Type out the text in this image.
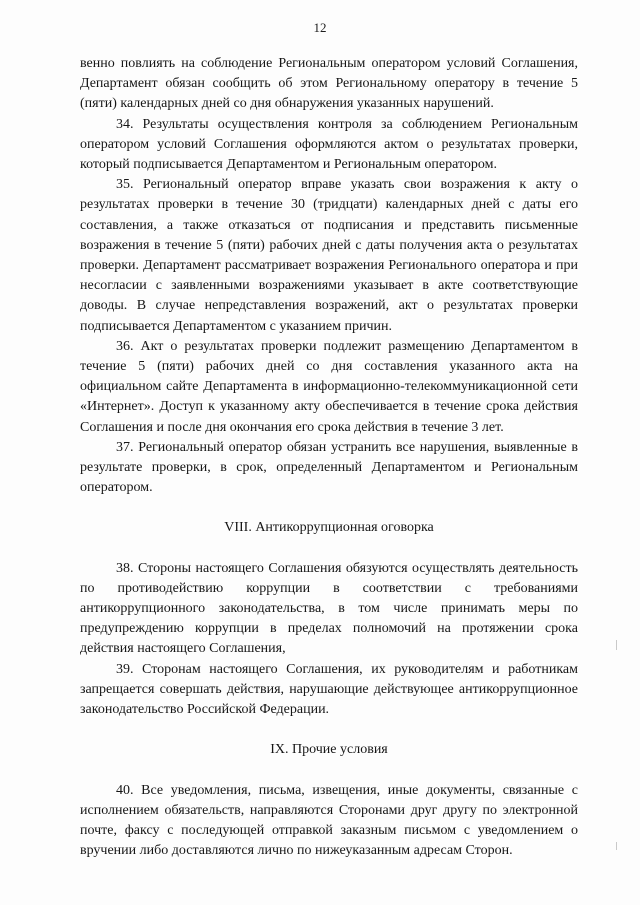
12

венно повлиять на соблюдение Региональным оператором условий Соглашения, Департамент обязан сообщить об этом Региональному оператору в течение 5 (пяти) календарных дней со дня обнаружения указанных нарушений.

34. Результаты осуществления контроля за соблюдением Региональным оператором условий Соглашения оформляются актом о результатах проверки, который подписывается Департаментом и Региональным оператором.

35. Региональный оператор вправе указать свои возражения к акту о результатах проверки в течение 30 (тридцати) календарных дней с даты его составления, а также отказаться от подписания и представить письменные возражения в течение 5 (пяти) рабочих дней с даты получения акта о результатах проверки. Департамент рассматривает возражения Регионального оператора и при несогласии с заявленными возражениями указывает в акте соответствующие доводы. В случае непредставления возражений, акт о результатах проверки подписывается Департаментом с указанием причин.

36. Акт о результатах проверки подлежит размещению Департаментом в течение 5 (пяти) рабочих дней со дня составления указанного акта на официальном сайте Департамента в информационно-телекоммуникационной сети «Интернет». Доступ к указанному акту обеспечивается в течение срока действия Соглашения и после дня окончания его срока действия в течение 3 лет.

37. Региональный оператор обязан устранить все нарушения, выявленные в результате проверки, в срок, определенный Департаментом и Региональным оператором.

VIII. Антикоррупционная оговорка

38. Стороны настоящего Соглашения обязуются осуществлять деятельность по противодействию коррупции в соответствии с требованиями антикоррупционного законодательства, в том числе принимать меры по предупреждению коррупции в пределах полномочий на протяжении срока действия настоящего Соглашения,

39. Сторонам настоящего Соглашения, их руководителям и работникам запрещается совершать действия, нарушающие действующее антикоррупционное законодательство Российской Федерации.

IX. Прочие условия

40. Все уведомления, письма, извещения, иные документы, связанные с исполнением обязательств, направляются Сторонами друг другу по электронной почте, факсу с последующей отправкой заказным письмом с уведомлением о вручении либо доставляются лично по нижеуказанным адресам Сторон.
